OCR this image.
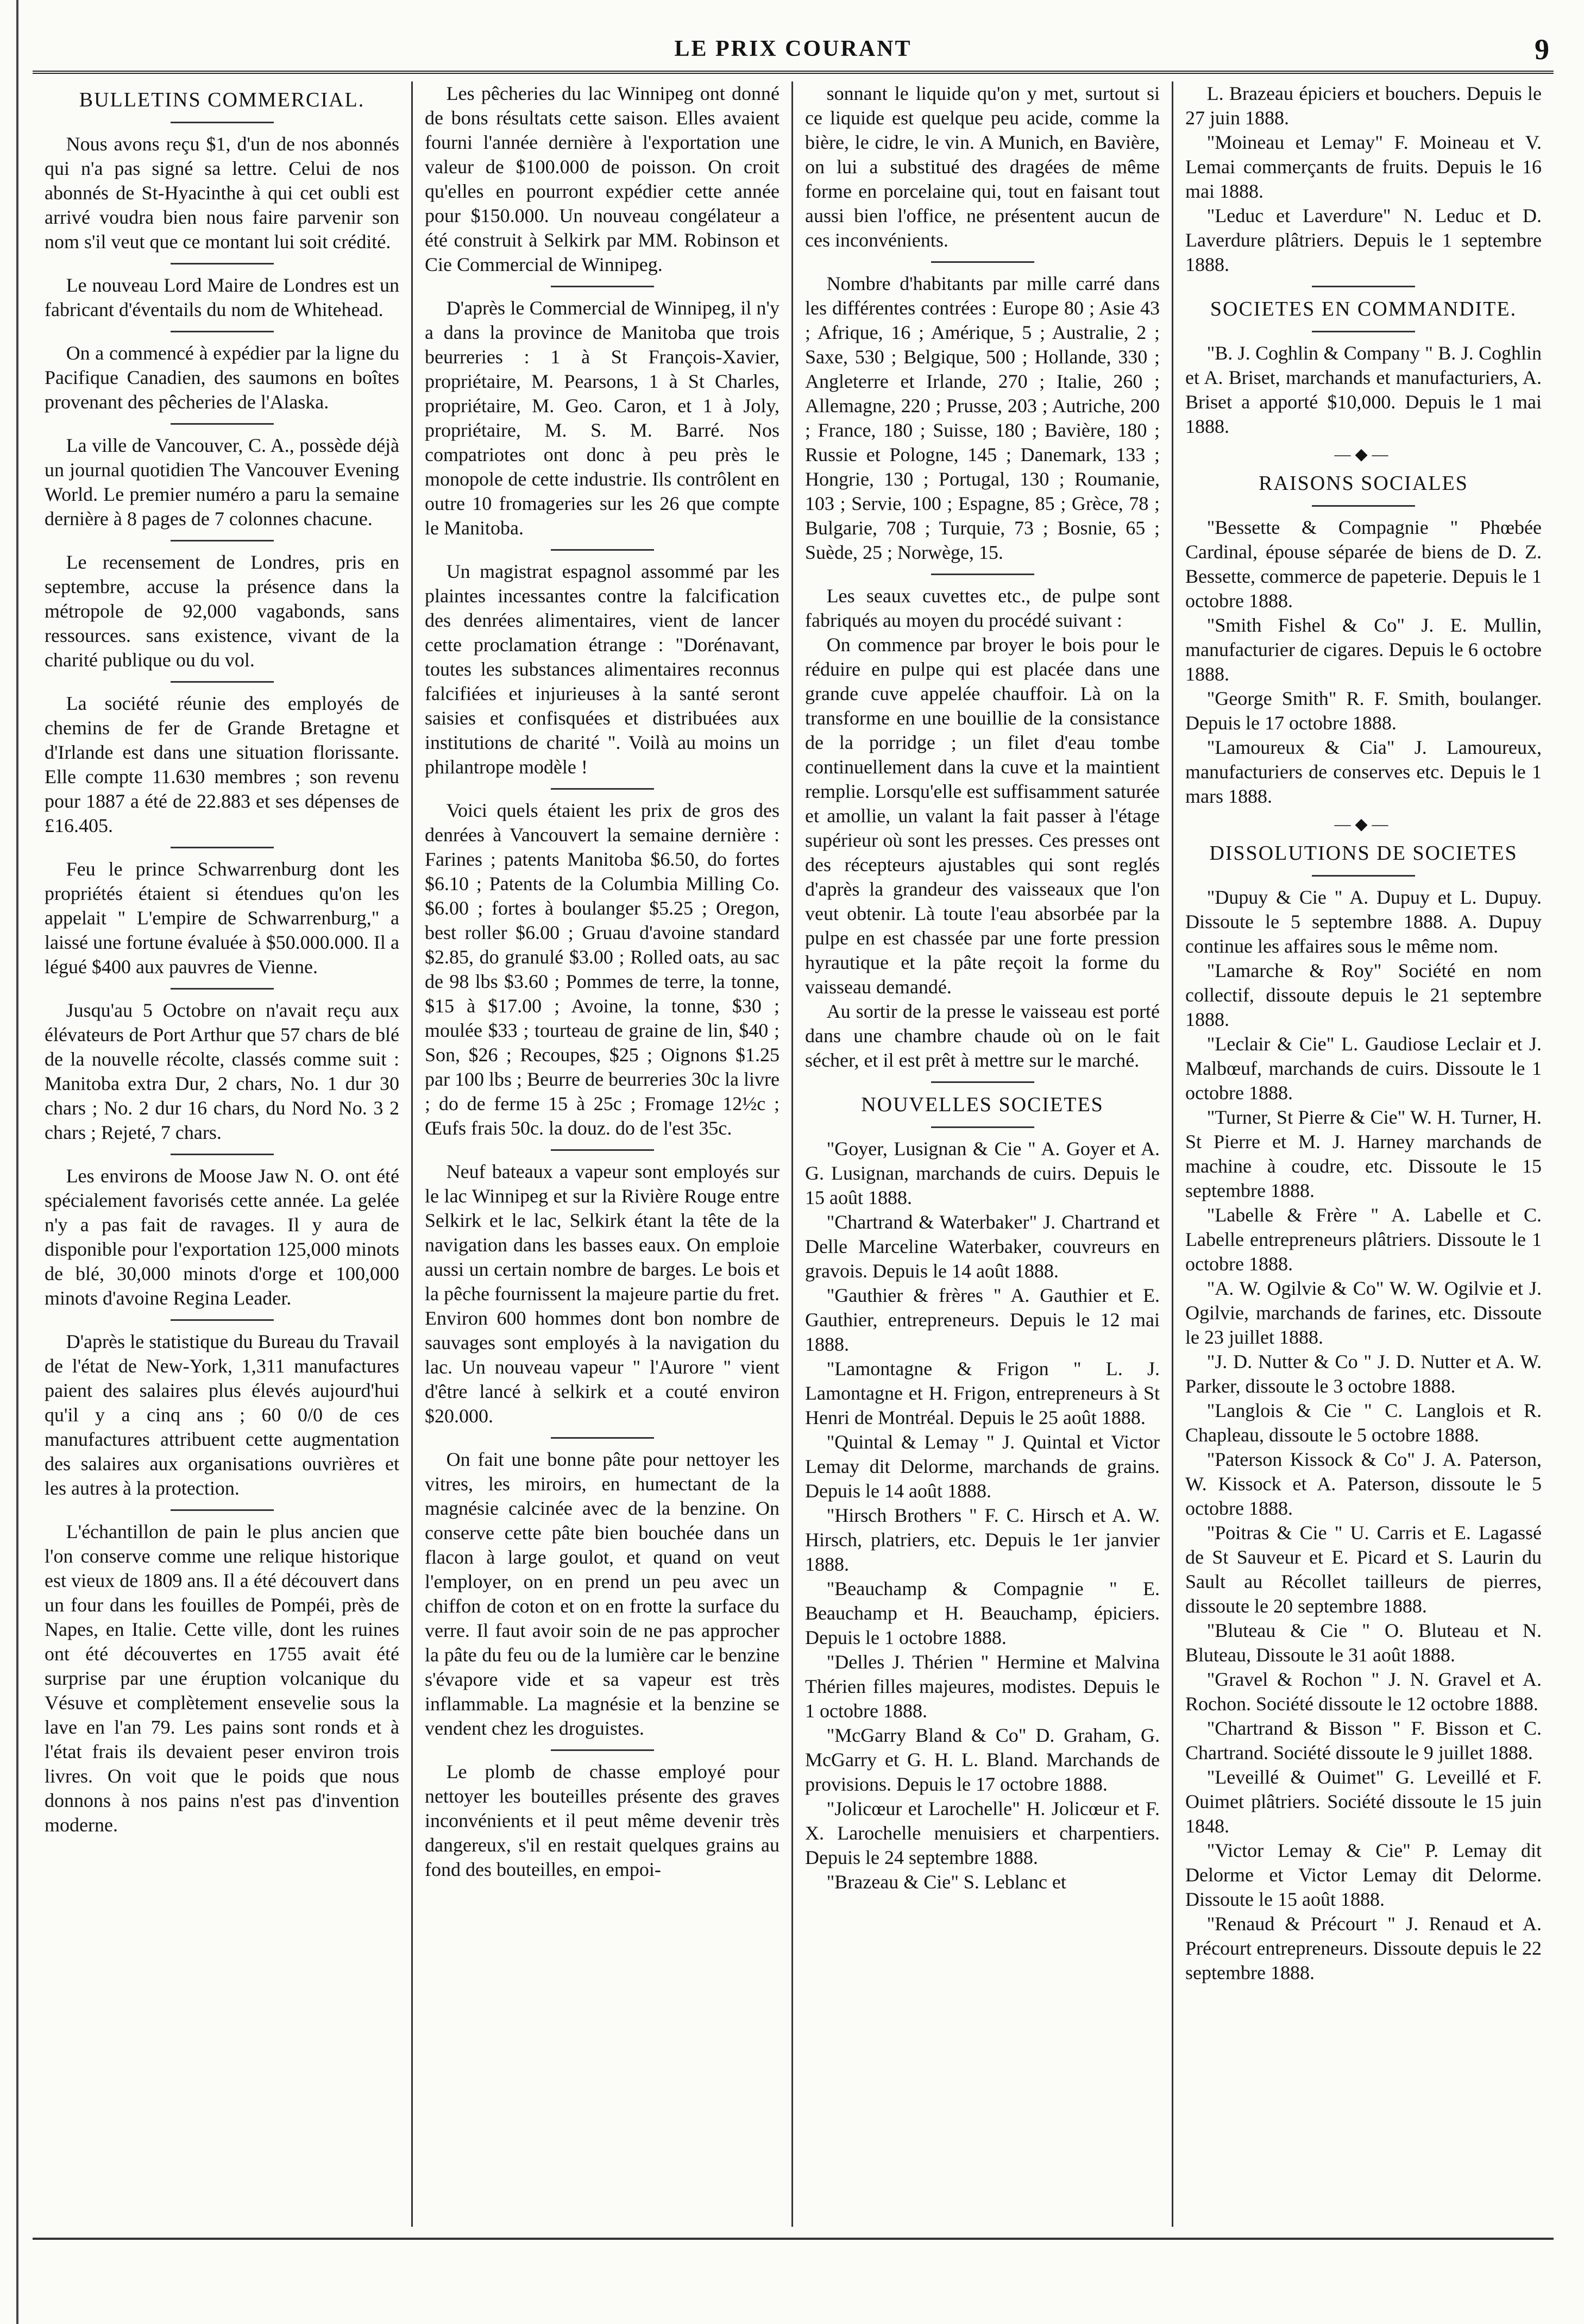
LE PRIX COURANT	9
BULLETINS COMMERCIAL.

Nous avons reçu $1, d'un de nos abonnés qui n'a pas signé sa lettre. Celui de nos abonnés de St-Hyacinthe à qui cet oubli est arrivé voudra bien nous faire parvenir son nom s'il veut que ce montant lui soit crédité.

Le nouveau Lord Maire de Londres est un fabricant d'éventails du nom de Whitehead.

On a commencé à expédier par la ligne du Pacifique Canadien, des saumons en boîtes provenant des pêcheries de l'Alaska.

La ville de Vancouver, C. A., possède déjà un journal quotidien The Vancouver Evening World. Le premier numéro a paru la semaine dernière à 8 pages de 7 colonnes chacune.

Le recensement de Londres, pris en septembre, accuse la présence dans la métropole de 92,000 vagabonds, sans ressources. sans existence, vivant de la charité publique ou du vol.

La société réunie des employés de chemins de fer de Grande Bretagne et d'Irlande est dans une situation florissante. Elle compte 11.630 membres ; son revenu pour 1887 a été de 22.883 et ses dépenses de £16.405.

Feu le prince Schwarrenburg dont les propriétés étaient si étendues qu'on les appelait " L'empire de Schwarrenburg," a laissé une fortune évaluée à $50.000.000. Il a légué $400 aux pauvres de Vienne.

Jusqu'au 5 Octobre on n'avait reçu aux élévateurs de Port Arthur que 57 chars de blé de la nouvelle récolte, classés comme suit : Manitoba extra Dur, 2 chars, No. 1 dur 30 chars ; No. 2 dur 16 chars, du Nord No. 3 2 chars ; Rejeté, 7 chars.

Les environs de Moose Jaw N. O. ont été spécialement favorisés cette année. La gelée n'y a pas fait de ravages. Il y aura de disponible pour l'exportation 125,000 minots de blé, 30,000 minots d'orge et 100,000 minots d'avoine Regina Leader.

D'après le statistique du Bureau du Travail de l'état de New-York, 1,311 manufactures paient des salaires plus élevés aujourd'hui qu'il y a cinq ans ; 60 0/0 de ces manufactures attribuent cette augmentation des salaires aux organisations ouvrières et les autres à la protection.

L'échantillon de pain le plus ancien que l'on conserve comme une relique historique est vieux de 1809 ans. Il a été découvert dans un four dans les fouilles de Pompéi, près de Napes, en Italie. Cette ville, dont les ruines ont été découvertes en 1755 avait été surprise par une éruption volcanique du Vésuve et complètement ensevelie sous la lave en l'an 79. Les pains sont ronds et à l'état frais ils devaient peser environ trois livres. On voit que le poids que nous donnons à nos pains n'est pas d'invention moderne.

Les pêcheries du lac Winnipeg ont donné de bons résultats cette saison. Elles avaient fourni l'année dernière à l'exportation une valeur de $100.000 de poisson. On croit qu'elles en pourront expédier cette année pour $150.000. Un nouveau congélateur a été construit à Selkirk par MM. Robinson et Cie Commercial de Winnipeg.

D'après le Commercial de Winnipeg, il n'y a dans la province de Manitoba que trois beurreries : 1 à St François-Xavier, propriétaire, M. Pearsons, 1 à St Charles, propriétaire, M. Geo. Caron, et 1 à Joly, propriétaire, M. S. M. Barré. Nos compatriotes ont donc à peu près le monopole de cette industrie. Ils contrôlent en outre 10 fromageries sur les 26 que compte le Manitoba.

Un magistrat espagnol assommé par les plaintes incessantes contre la falcification des denrées alimentaires, vient de lancer cette proclamation étrange : "Dorénavant, toutes les substances alimentaires reconnus falcifiées et injurieuses à la santé seront saisies et confisquées et distribuées aux institutions de charité ". Voilà au moins un philantrope modèle !

Voici quels étaient les prix de gros des denrées à Vancouvert la semaine dernière : Farines ; patents Manitoba $6.50, do fortes $6.10 ; Patents de la Columbia Milling Co. $6.00 ; fortes à boulanger $5.25 ; Oregon, best roller $6.00 ; Gruau d'avoine standard $2.85, do granulé $3.00 ; Rolled oats, au sac de 98 lbs $3.60 ; Pommes de terre, la tonne, $15 à $17.00 ; Avoine, la tonne, $30 ; moulée $33 ; tourteau de graine de lin, $40 ; Son, $26 ; Recoupes, $25 ; Oignons $1.25 par 100 lbs ; Beurre de beurreries 30c la livre ; do de ferme 15 à 25c ; Fromage 12½c ; Œufs frais 50c. la douz. do de l'est 35c.

Neuf bateaux a vapeur sont employés sur le lac Winnipeg et sur la Rivière Rouge entre Selkirk et le lac, Selkirk étant la tête de la navigation dans les basses eaux. On emploie aussi un certain nombre de barges. Le bois et la pêche fournissent la majeure partie du fret. Environ 600 hommes dont bon nombre de sauvages sont employés à la navigation du lac. Un nouveau vapeur " l'Aurore " vient d'être lancé à selkirk et a couté environ $20.000.

On fait une bonne pâte pour nettoyer les vitres, les miroirs, en humectant de la magnésie calcinée avec de la benzine. On conserve cette pâte bien bouchée dans un flacon à large goulot, et quand on veut l'employer, on en prend un peu avec un chiffon de coton et on en frotte la surface du verre. Il faut avoir soin de ne pas approcher la pâte du feu ou de la lumière car le benzine s'évapore vide et sa vapeur est très inflammable. La magnésie et la benzine se vendent chez les droguistes.

Le plomb de chasse employé pour nettoyer les bouteilles présente des graves inconvénients et il peut même devenir très dangereux, s'il en restait quelques grains au fond des bouteilles, en empoi-

sonnant le liquide qu'on y met, surtout si ce liquide est quelque peu acide, comme la bière, le cidre, le vin. A Munich, en Bavière, on lui a substitué des dragées de même forme en porcelaine qui, tout en faisant tout aussi bien l'office, ne présentent aucun de ces inconvénients.

Nombre d'habitants par mille carré dans les différentes contrées : Europe 80 ; Asie 43 ; Afrique, 16 ; Amérique, 5 ; Australie, 2 ; Saxe, 530 ; Belgique, 500 ; Hollande, 330 ; Angleterre et Irlande, 270 ; Italie, 260 ; Allemagne, 220 ; Prusse, 203 ; Autriche, 200 ; France, 180 ; Suisse, 180 ; Bavière, 180 ; Russie et Pologne, 145 ; Danemark, 133 ; Hongrie, 130 ; Portugal, 130 ; Roumanie, 103 ; Servie, 100 ; Espagne, 85 ; Grèce, 78 ; Bulgarie, 708 ; Turquie, 73 ; Bosnie, 65 ; Suède, 25 ; Norwège, 15.

Les seaux cuvettes etc., de pulpe sont fabriqués au moyen du procédé suivant :

On commence par broyer le bois pour le réduire en pulpe qui est placée dans une grande cuve appelée chauffoir. Là on la transforme en une bouillie de la consistance de la porridge ; un filet d'eau tombe continuellement dans la cuve et la maintient remplie. Lorsqu'elle est suffisamment saturée et amollie, un valant la fait passer à l'étage supérieur où sont les presses. Ces presses ont des récepteurs ajustables qui sont reglés d'après la grandeur des vaisseaux que l'on veut obtenir. Là toute l'eau absorbée par la pulpe en est chassée par une forte pression hyrautique et la pâte reçoit la forme du vaisseau demandé.

Au sortir de la presse le vaisseau est porté dans une chambre chaude où on le fait sécher, et il est prêt à mettre sur le marché.

NOUVELLES SOCIETES

"Goyer, Lusignan & Cie " A. Goyer et A. G. Lusignan, marchands de cuirs. Depuis le 15 août 1888.

"Chartrand & Waterbaker" J. Chartrand et Delle Marceline Waterbaker, couvreurs en gravois. Depuis le 14 août 1888.

"Gauthier & frères " A. Gauthier et E. Gauthier, entrepreneurs. Depuis le 12 mai 1888.

"Lamontagne & Frigon " L. J. Lamontagne et H. Frigon, entrepreneurs à St Henri de Montréal. Depuis le 25 août 1888.

"Quintal & Lemay " J. Quintal et Victor Lemay dit Delorme, marchands de grains. Depuis le 14 août 1888.

"Hirsch Brothers " F. C. Hirsch et A. W. Hirsch, platriers, etc. Depuis le 1er janvier 1888.

"Beauchamp & Compagnie " E. Beauchamp et H. Beauchamp, épiciers. Depuis le 1 octobre 1888.

"Delles J. Thérien " Hermine et Malvina Thérien filles majeures, modistes. Depuis le 1 octobre 1888.

"McGarry Bland & Co" D. Graham, G. McGarry et G. H. L. Bland. Marchands de provisions. Depuis le 17 octobre 1888.

"Jolicœur et Larochelle" H. Jolicœur et F. X. Larochelle menuisiers et charpentiers. Depuis le 24 septembre 1888.

"Brazeau & Cie" S. Leblanc et

L. Brazeau épiciers et bouchers. Depuis le 27 juin 1888.

"Moineau et Lemay" F. Moineau et V. Lemai commerçants de fruits. Depuis le 16 mai 1888.

"Leduc et Laverdure" N. Leduc et D. Laverdure plâtriers. Depuis le 1 septembre 1888.

SOCIETES EN COMMANDITE.

"B. J. Coghlin & Company " B. J. Coghlin et A. Briset, marchands et manufacturiers, A. Briset a apporté $10,000. Depuis le 1 mai 1888.

—◆—
RAISONS SOCIALES

"Bessette & Compagnie " Phœbée Cardinal, épouse séparée de biens de D. Z. Bessette, commerce de papeterie. Depuis le 1 octobre 1888.

"Smith Fishel & Co" J. E. Mullin, manufacturier de cigares. Depuis le 6 octobre 1888.

"George Smith" R. F. Smith, boulanger. Depuis le 17 octobre 1888.

"Lamoureux & Cia" J. Lamoureux, manufacturiers de conserves etc. Depuis le 1 mars 1888.

—◆—
DISSOLUTIONS DE SOCIETES

"Dupuy & Cie " A. Dupuy et L. Dupuy. Dissoute le 5 septembre 1888. A. Dupuy continue les affaires sous le même nom.

"Lamarche & Roy" Société en nom collectif, dissoute depuis le 21 septembre 1888.

"Leclair & Cie" L. Gaudiose Leclair et J. Malbœuf, marchands de cuirs. Dissoute le 1 octobre 1888.

"Turner, St Pierre & Cie" W. H. Turner, H. St Pierre et M. J. Harney marchands de machine à coudre, etc. Dissoute le 15 septembre 1888.

"Labelle & Frère " A. Labelle et C. Labelle entrepreneurs plâtriers. Dissoute le 1 octobre 1888.

"A. W. Ogilvie & Co" W. W. Ogilvie et J. Ogilvie, marchands de farines, etc. Dissoute le 23 juillet 1888.

"J. D. Nutter & Co " J. D. Nutter et A. W. Parker, dissoute le 3 octobre 1888.

"Langlois & Cie " C. Langlois et R. Chapleau, dissoute le 5 octobre 1888.

"Paterson Kissock & Co" J. A. Paterson, W. Kissock et A. Paterson, dissoute le 5 octobre 1888.

"Poitras & Cie " U. Carris et E. Lagassé de St Sauveur et E. Picard et S. Laurin du Sault au Récollet tailleurs de pierres, dissoute le 20 septembre 1888.

"Bluteau & Cie " O. Bluteau et N. Bluteau, Dissoute le 31 août 1888.

"Gravel & Rochon " J. N. Gravel et A. Rochon. Société dissoute le 12 octobre 1888.

"Chartrand & Bisson " F. Bisson et C. Chartrand. Société dissoute le 9 juillet 1888.

"Leveillé & Ouimet" G. Leveillé et F. Ouimet plâtriers. Société dissoute le 15 juin 1848.

"Victor Lemay & Cie" P. Lemay dit Delorme et Victor Lemay dit Delorme. Dissoute le 15 août 1888.

"Renaud & Précourt " J. Renaud et A. Précourt entrepreneurs. Dissoute depuis le 22 septembre 1888.
